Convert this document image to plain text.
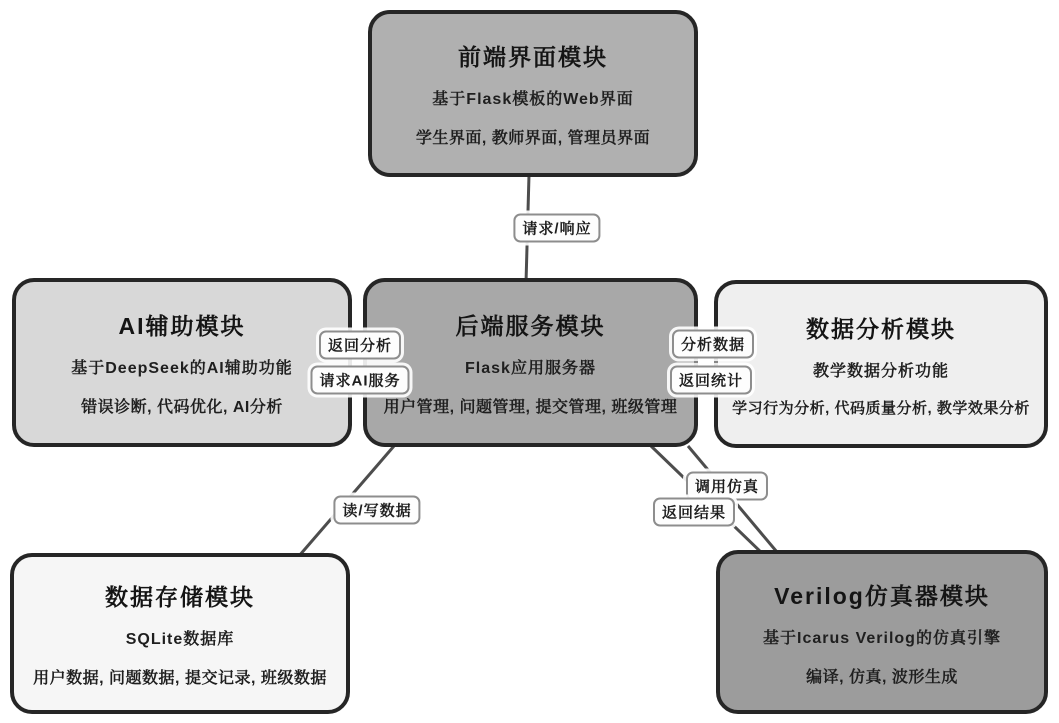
前端界面模块
基于Flask模板的Web界面
学生界面, 教师界面, 管理员界面
AI辅助模块
基于DeepSeek的AI辅助功能
错误诊断, 代码优化, AI分析
后端服务模块
Flask应用服务器
用户管理, 问题管理, 提交管理, 班级管理
数据分析模块
教学数据分析功能
学习行为分析, 代码质量分析, 教学效果分析
数据存储模块
SQLite数据库
用户数据, 问题数据, 提交记录, 班级数据
Verilog仿真器模块
基于Icarus Verilog的仿真引擎
编译, 仿真, 波形生成
请求/响应
返回分析
请求AI服务
分析数据
返回统计
读/写数据
调用仿真
返回结果
